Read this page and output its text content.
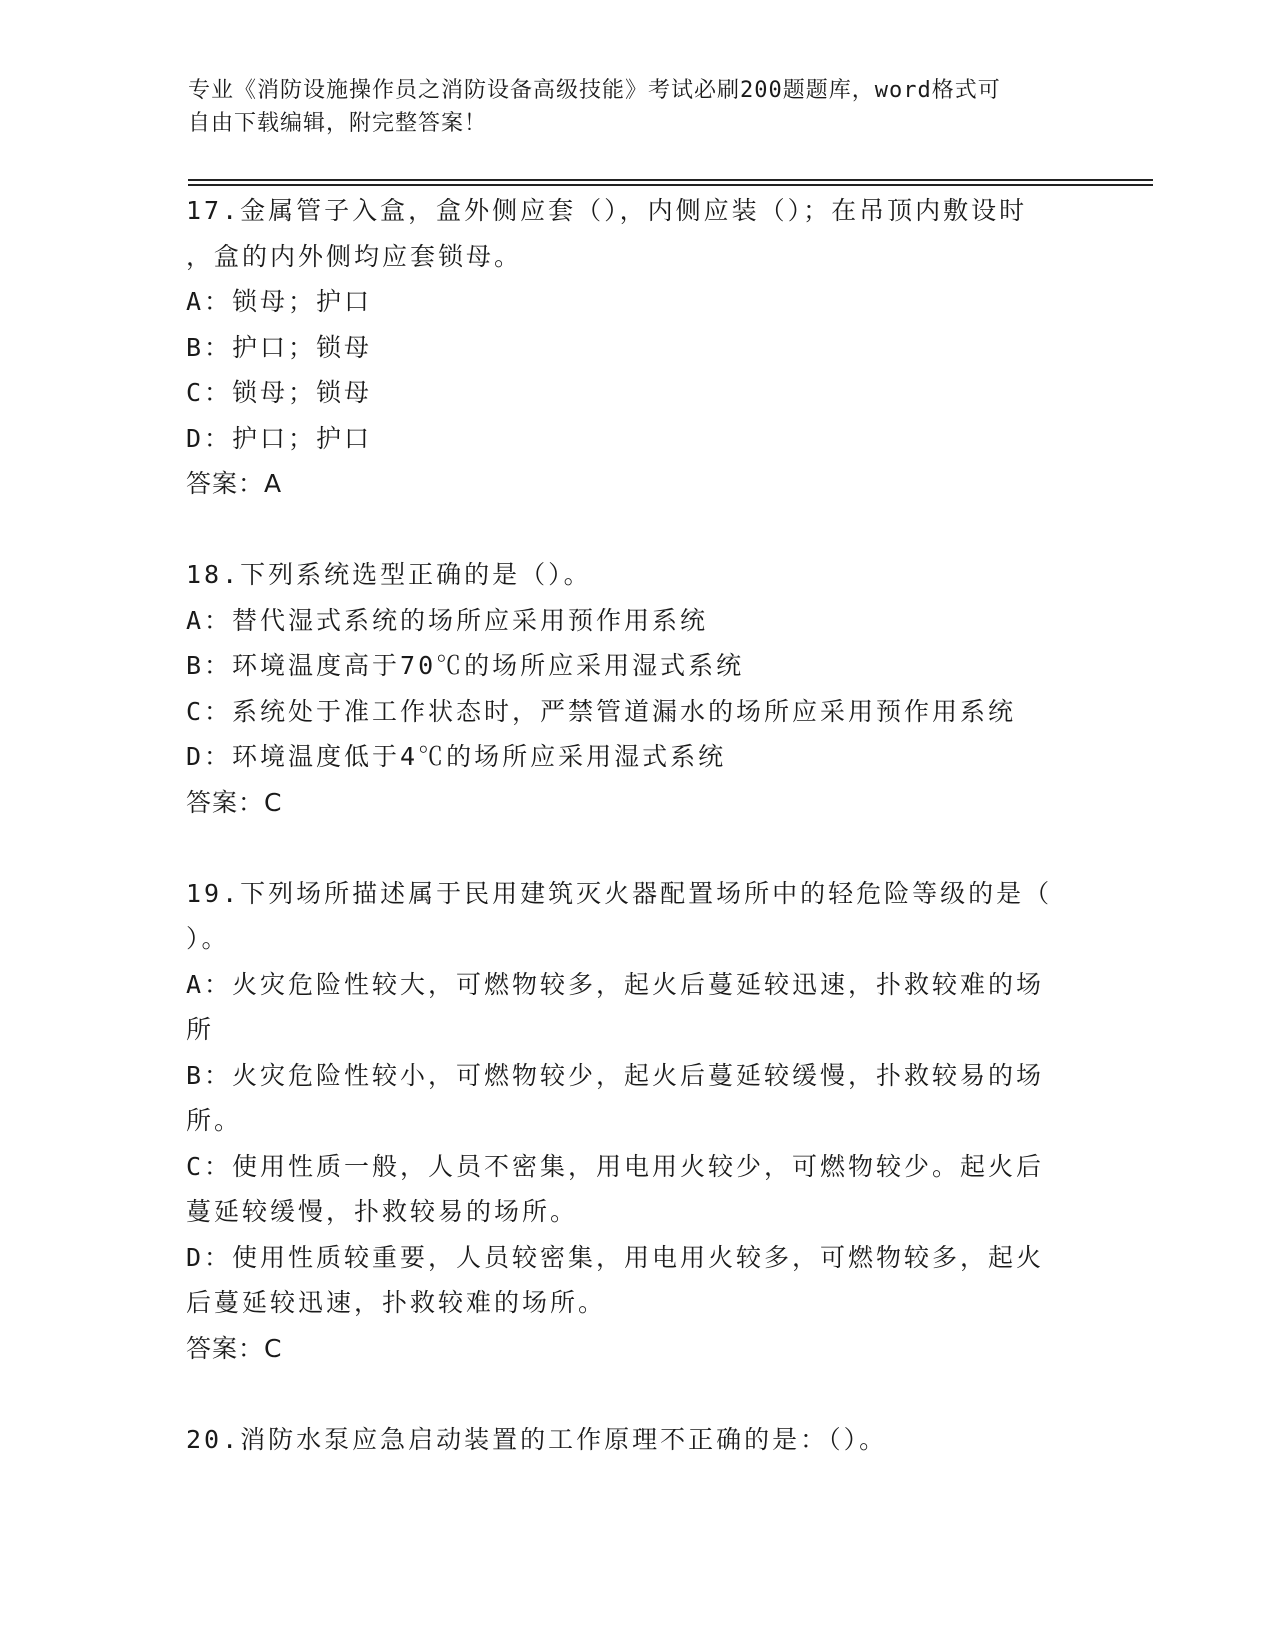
专业《消防设施操作员之消防设备高级技能》考试必刷200题题库，word格式可
自由下载编辑，附完整答案！
17.金属管子入盒，盒外侧应套（），内侧应装（）；在吊顶内敷设时
，盒的内外侧均应套锁母。
A：锁母；护口
B：护口；锁母
C：锁母；锁母
D：护口；护口
答案：A
18.下列系统选型正确的是（）。
A：替代湿式系统的场所应采用预作用系统
B：环境温度高于70℃的场所应采用湿式系统
C：系统处于准工作状态时，严禁管道漏水的场所应采用预作用系统
D：环境温度低于4℃的场所应采用湿式系统
答案：C
19.下列场所描述属于民用建筑灭火器配置场所中的轻危险等级的是（
）。
A：火灾危险性较大，可燃物较多，起火后蔓延较迅速，扑救较难的场
所
B：火灾危险性较小，可燃物较少，起火后蔓延较缓慢，扑救较易的场
所。
C：使用性质一般，人员不密集，用电用火较少，可燃物较少。起火后
蔓延较缓慢，扑救较易的场所。
D：使用性质较重要，人员较密集，用电用火较多，可燃物较多，起火
后蔓延较迅速，扑救较难的场所。
答案：C
20.消防水泵应急启动装置的工作原理不正确的是：（）。
